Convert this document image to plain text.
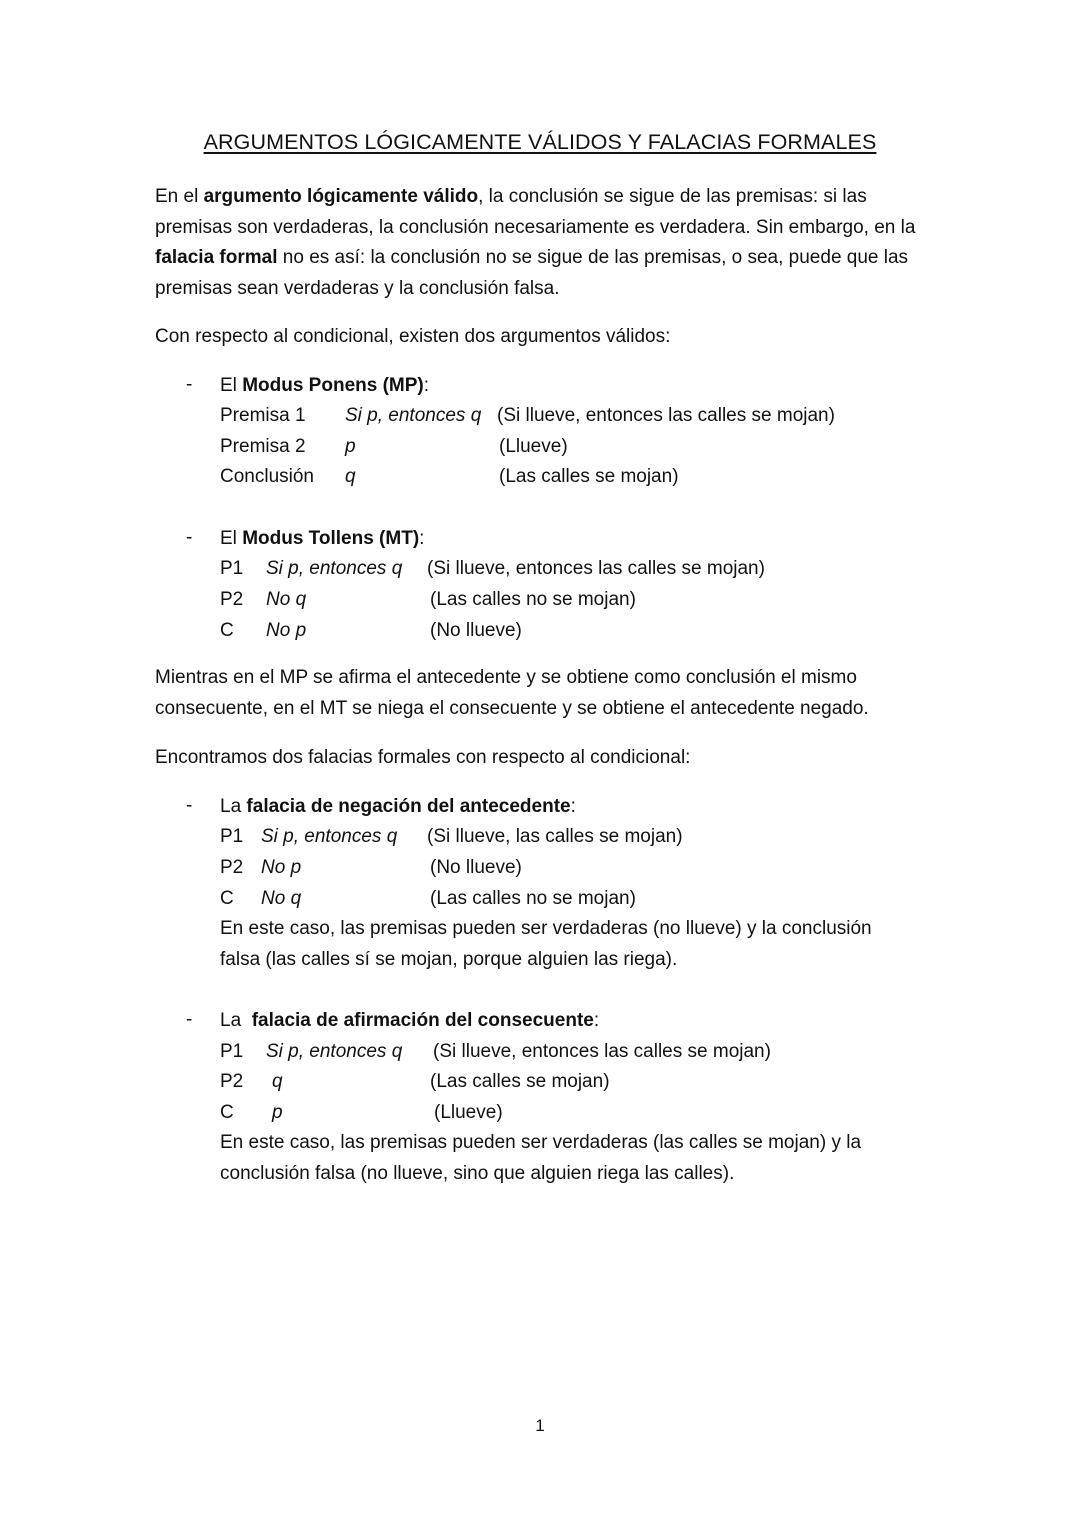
ARGUMENTOS LÓGICAMENTE VÁLIDOS Y FALACIAS FORMALES
En el argumento lógicamente válido, la conclusión se sigue de las premisas: si las premisas son verdaderas, la conclusión necesariamente es verdadera. Sin embargo, en la falacia formal no es así: la conclusión no se sigue de las premisas, o sea, puede que las premisas sean verdaderas y la conclusión falsa.
Con respecto al condicional, existen dos argumentos válidos:
- El Modus Ponens (MP):
Premisa 1 Si p, entonces q (Si llueve, entonces las calles se mojan)
Premisa 2 p	(Llueve)
Conclusión q	(Las calles se mojan)
- El Modus Tollens (MT):
P1 Si p, entonces q (Si llueve, entonces las calles se mojan)
P2 No q	(Las calles no se mojan)
C No p	(No llueve)
Mientras en el MP se afirma el antecedente y se obtiene como conclusión el mismo consecuente, en el MT se niega el consecuente y se obtiene el antecedente negado.
Encontramos dos falacias formales con respecto al condicional:
- La falacia de negación del antecedente:
P1 Si p, entonces q (Si llueve, las calles se mojan)
P2 No p	(No llueve)
C No q	(Las calles no se mojan)
En este caso, las premisas pueden ser verdaderas (no llueve) y la conclusión
falsa (las calles sí se mojan, porque alguien las riega).
- La  falacia de afirmación del consecuente:
P1 Si p, entonces q (Si llueve, entonces las calles se mojan)
P2 q	(Las calles se mojan)
C p	(Llueve)
En este caso, las premisas pueden ser verdaderas (las calles se mojan) y la
conclusión falsa (no llueve, sino que alguien riega las calles).
1
